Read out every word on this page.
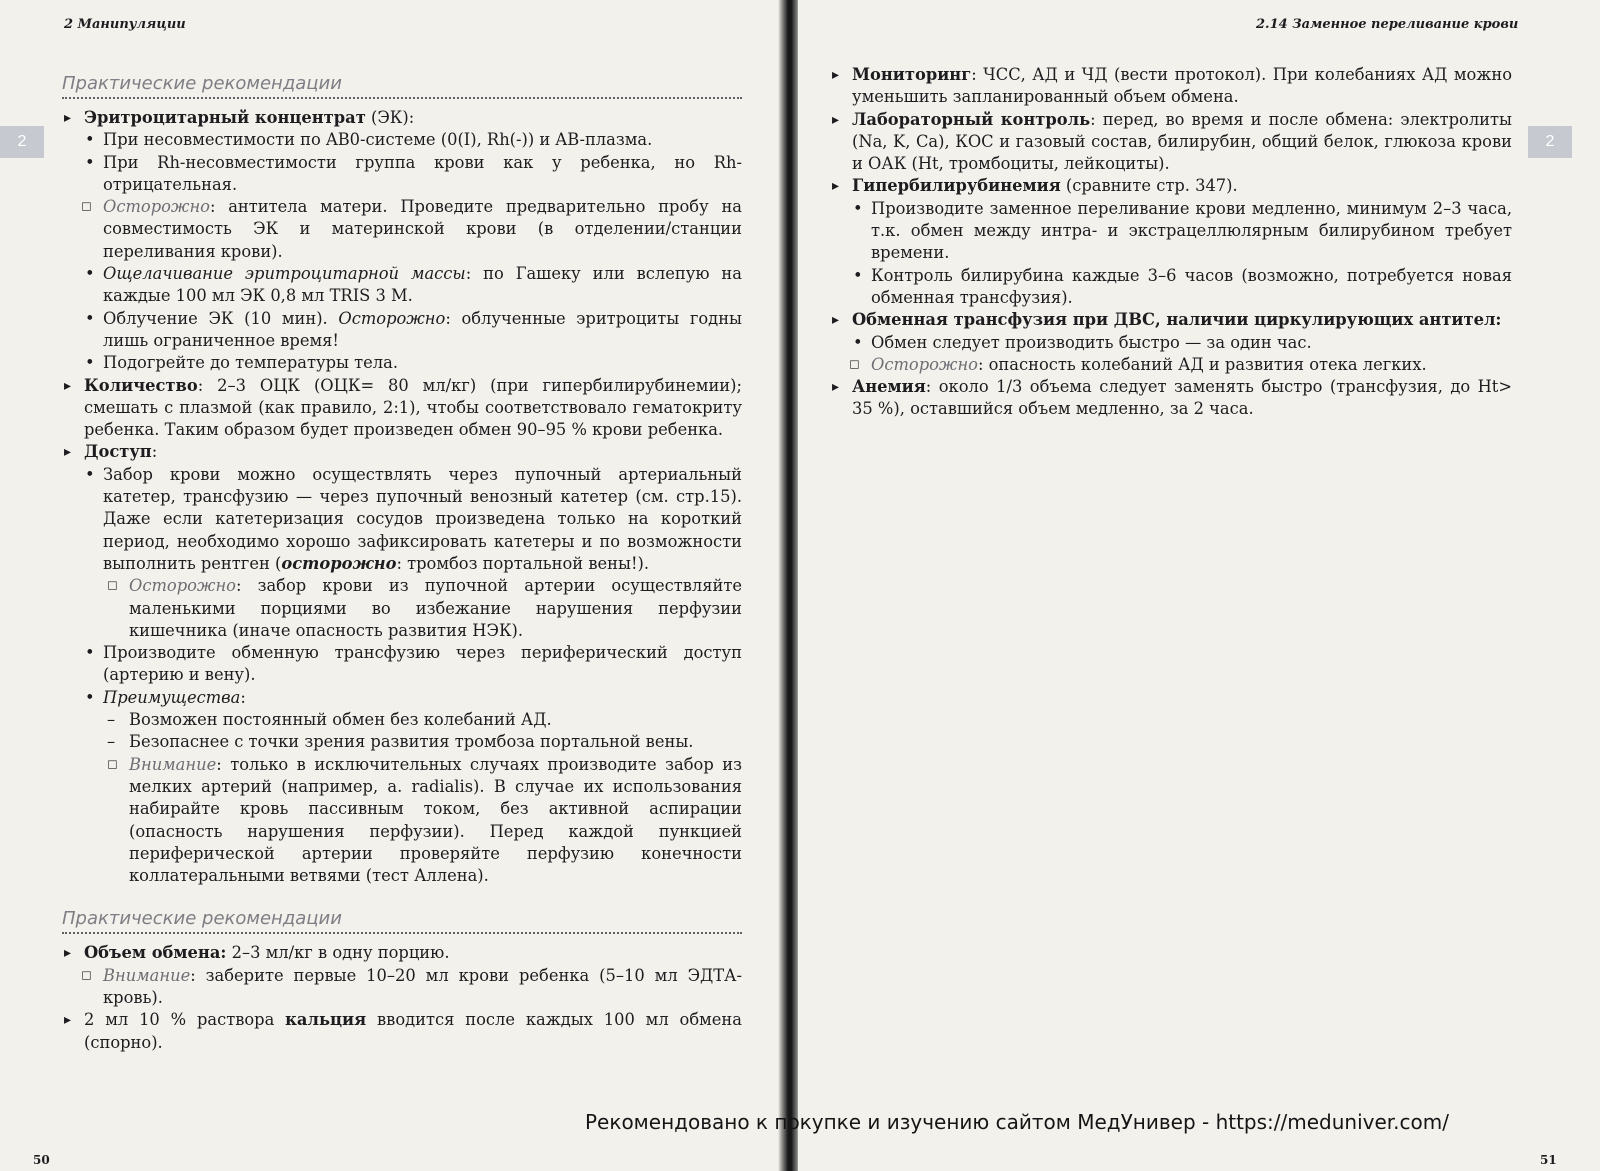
2 Манипуляции
2
50
2.14 Заменное переливание крови
2
51
Практические рекомендации
▸ Эритроцитарный концентрат (ЭК):
• При несовместимости по AB0-системе (0(I), Rh(-)) и AB-плазма.
• При Rh-несовместимости группа крови как у ребенка, но Rh-отрицательная.
◻ Осторожно: антитела матери. Проведите предварительно пробу на совместимость ЭК и материнской крови (в отделении/станции переливания крови).
• Ощелачивание эритроцитарной массы: по Гашеку или вслепую на каждые 100 мл ЭК 0,8 мл TRIS 3 M.
• Облучение ЭК (10 мин). Осторожно: облученные эритроциты годны лишь ограниченное время!
• Подогрейте до температуры тела.
▸ Количество: 2–3 ОЦК (ОЦК= 80 мл/кг) (при гипербилирубинемии); смешать с плазмой (как правило, 2:1), чтобы соответствовало гематокриту ребенка. Таким образом будет произведен обмен 90–95 % крови ребенка.
▸ Доступ:
• Забор крови можно осуществлять через пупочный артериальный катетер, трансфузию — через пупочный венозный катетер (см. стр.15). Даже если катетеризация сосудов произведена только на короткий период, необходимо хорошо зафиксировать катетеры и по возможности выполнить рентген (осторожно: тромбоз портальной вены!).
◻ Осторожно: забор крови из пупочной артерии осуществляйте маленькими порциями во избежание нарушения перфузии кишечника (иначе опасность развития НЭК).
• Производите обменную трансфузию через периферический доступ (артерию и вену).
• Преимущества:
– Возможен постоянный обмен без колебаний АД.
– Безопаснее с точки зрения развития тромбоза портальной вены.
◻ Внимание: только в исключительных случаях производите забор из мелких артерий (например, a. radialis). В случае их использования набирайте кровь пассивным током, без активной аспирации (опасность нарушения перфузии). Перед каждой пункцией периферической артерии проверяйте перфузию конечности коллатеральными ветвями (тест Аллена).
Практические рекомендации
▸ Объем обмена: 2–3 мл/кг в одну порцию.
◻ Внимание: заберите первые 10–20 мл крови ребенка (5–10 мл ЭДТА-кровь).
▸ 2 мл 10 % раствора кальция вводится после каждых 100 мл обмена (спорно).
▸ Мониторинг: ЧСС, АД и ЧД (вести протокол). При колебаниях АД можно уменьшить запланированный объем обмена.
▸ Лабораторный контроль: перед, во время и после обмена: электролиты (Na, K, Ca), КОС и газовый состав, билирубин, общий белок, глюкоза крови и ОАК (Ht, тромбоциты, лейкоциты).
▸ Гипербилирубинемия (сравните стр. 347).
• Производите заменное переливание крови медленно, минимум 2–3 часа, т.к. обмен между интра- и экстрацеллюлярным билирубином требует времени.
• Контроль билирубина каждые 3–6 часов (возможно, потребуется новая обменная трансфузия).
▸ Обменная трансфузия при ДВС, наличии циркулирующих антител:
• Обмен следует производить быстро — за один час.
◻ Осторожно: опасность колебаний АД и развития отека легких.
▸ Анемия: около 1/3 объема следует заменять быстро (трансфузия, до Ht> 35 %), оставшийся объем медленно, за 2 часа.
Рекомендовано к покупке и изучению сайтом МедУнивер - https://meduniver.com/
